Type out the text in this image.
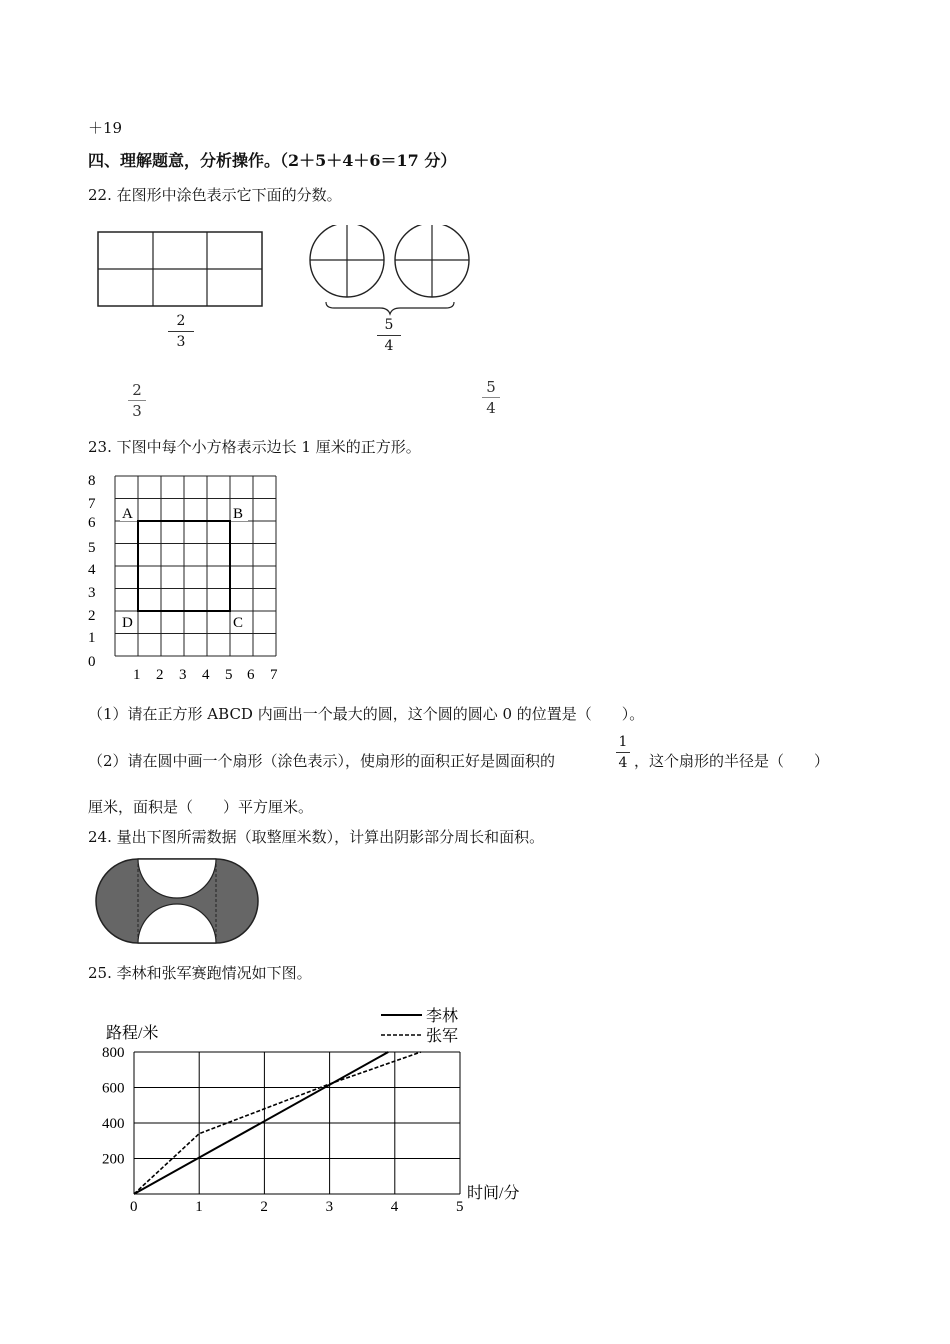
＋19
四、理解题意，分析操作。（2＋5＋4＋6＝17 分）
22. 在图形中涂色表示它下面的分数。
2
3
5
4
2
3
5
4
23. 下图中每个小方格表示边长 1 厘米的正方形。
8
7
6
5
4
3
2
1
0
1 2 3 4 5 6 7
A	B
C
D
（1）请在正方形 ABCD 内画出一个最大的圆，这个圆的圆心 0 的位置是（　　）。
（2）请在圆中画一个扇形（涂色表示），使扇形的面积正好是圆面积的
1
4 ，这个扇形的半径是（　　）
厘米，面积是（　　）平方厘米。
24. 量出下图所需数据（取整厘米数），计算出阴影部分周长和面积。
25. 李林和张军赛跑情况如下图。
0	1	2	3	4	5
200
400
600
800
路程/米
时间/分
李林
张军
